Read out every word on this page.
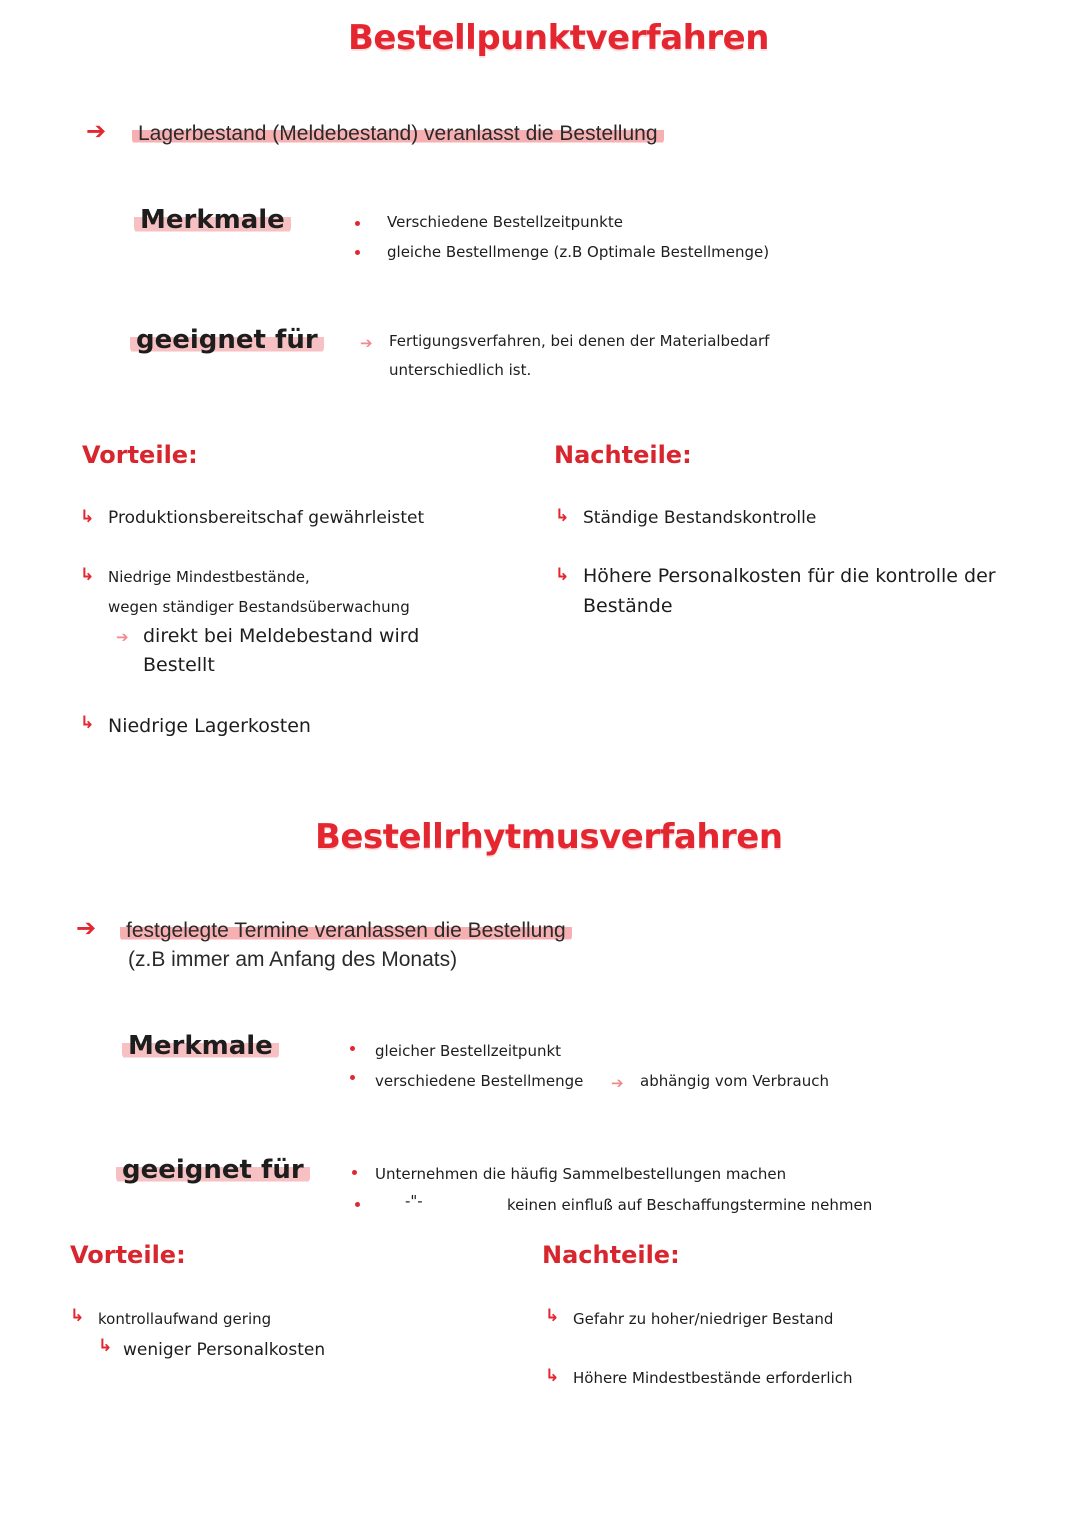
Bestellpunktverfahren
➔ Lagerbestand (Meldebestand) veranlasst die Bestellung
Merkmale	Verschiedene Bestellzeitpunkte
gleiche Bestellmenge (z.B Optimale Bestellmenge)
geeignet für	➔ Fertigungsverfahren, bei denen der Materialbedarf
unterschiedlich ist.
Vorteile:	Nachteile:
↳ Produktionsbereitschaf gewährleistet
↳ Niedrige Mindestbestände,
wegen ständiger Bestandsüberwachung
➔ direkt bei Meldebestand wird
Bestellt
↳ Niedrige Lagerkosten
↳ Ständige Bestandskontrolle
↳ Höhere Personalkosten für die kontrolle der
Bestände
Bestellrhytmusverfahren
➔ festgelegte Termine veranlassen die Bestellung
(z.B immer am Anfang des Monats)
Merkmale	gleicher Bestellzeitpunkt
verschiedene Bestellmenge ➔ abhängig vom Verbrauch
geeignet für	Unternehmen die häufig Sammelbestellungen machen
-"-	keinen einfluß auf Beschaffungstermine nehmen
Vorteile:	Nachteile:
↳ kontrollaufwand gering
↳ weniger Personalkosten
↳ Gefahr zu hoher/niedriger Bestand
↳ Höhere Mindestbestände erforderlich
